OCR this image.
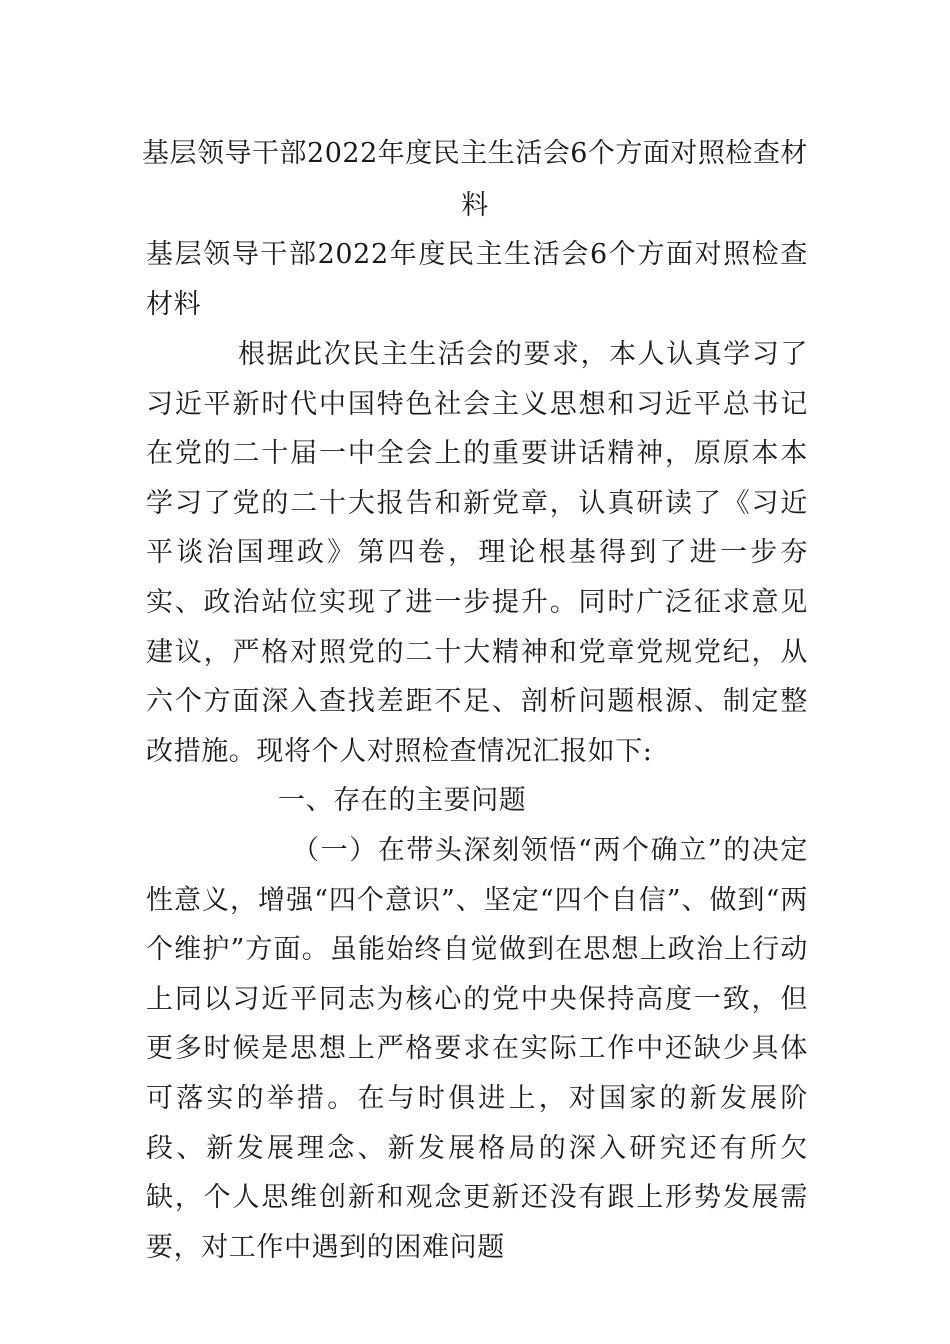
基层领导干部2022年度民主生活会6个方面对照检查材料

基层领导干部2022年度民主生活会6个方面对照检查材料

根据此次民主生活会的要求，本人认真学习了习近平新时代中国特色社会主义思想和习近平总书记在党的二十届一中全会上的重要讲话精神，原原本本学习了党的二十大报告和新党章，认真研读了《习近平谈治国理政》第四卷，理论根基得到了进一步夯实、政治站位实现了进一步提升。同时广泛征求意见建议，严格对照党的二十大精神和党章党规党纪，从六个方面深入查找差距不足、剖析问题根源、制定整改措施。现将个人对照检查情况汇报如下:

一、存在的主要问题

（一）在带头深刻领悟“两个确立”的决定性意义，增强“四个意识”、坚定“四个自信”、做到“两个维护”方面。虽能始终自觉做到在思想上政治上行动上同以习近平同志为核心的党中央保持高度一致，但更多时候是思想上严格要求在实际工作中还缺少具体可落实的举措。在与时俱进上，对国家的新发展阶段、新发展理念、新发展格局的深入研究还有所欠缺，个人思维创新和观念更新还没有跟上形势发展需要，对工作中遇到的困难问题
